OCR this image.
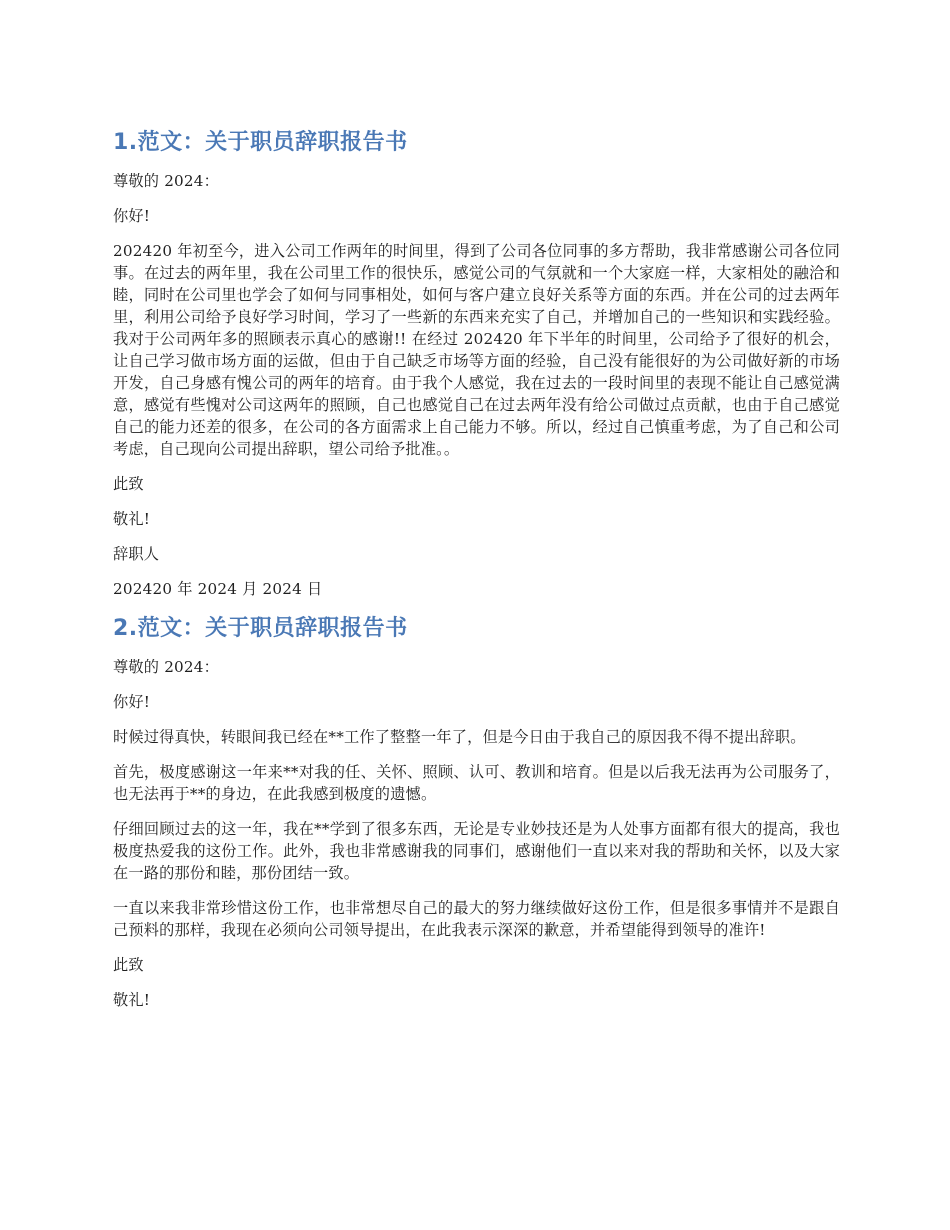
1.范文：关于职员辞职报告书

尊敬的 2024：

你好!

202420 年初至今，进入公司工作两年的时间里，得到了公司各位同事的多方帮助，我非常感谢公司各位同事。在过去的两年里，我在公司里工作的很快乐，感觉公司的气氛就和一个大家庭一样，大家相处的融洽和睦，同时在公司里也学会了如何与同事相处，如何与客户建立良好关系等方面的东西。并在公司的过去两年里，利用公司给予良好学习时间，学习了一些新的东西来充实了自己，并增加自己的一些知识和实践经验。我对于公司两年多的照顾表示真心的感谢!! 在经过 202420 年下半年的时间里，公司给予了很好的机会，让自己学习做市场方面的运做，但由于自己缺乏市场等方面的经验，自己没有能很好的为公司做好新的市场开发，自己身感有愧公司的两年的培育。由于我个人感觉，我在过去的一段时间里的表现不能让自己感觉满意，感觉有些愧对公司这两年的照顾，自己也感觉自己在过去两年没有给公司做过点贡献，也由于自己感觉自己的能力还差的很多，在公司的各方面需求上自己能力不够。所以，经过自己慎重考虑，为了自己和公司考虑，自己现向公司提出辞职，望公司给予批准。。

此致

敬礼!

辞职人

202420 年 2024 月 2024 日

2.范文：关于职员辞职报告书

尊敬的 2024：

你好!

时候过得真快，转眼间我已经在**工作了整整一年了，但是今日由于我自己的原因我不得不提出辞职。

首先，极度感谢这一年来**对我的任、关怀、照顾、认可、教训和培育。但是以后我无法再为公司服务了，也无法再于**的身边，在此我感到极度的遗憾。

仔细回顾过去的这一年，我在**学到了很多东西，无论是专业妙技还是为人处事方面都有很大的提高，我也极度热爱我的这份工作。此外，我也非常感谢我的同事们，感谢他们一直以来对我的帮助和关怀，以及大家在一路的那份和睦，那份团结一致。

一直以来我非常珍惜这份工作，也非常想尽自己的最大的努力继续做好这份工作，但是很多事情并不是跟自己预料的那样，我现在必须向公司领导提出，在此我表示深深的歉意，并希望能得到领导的准许!

此致

敬礼!
